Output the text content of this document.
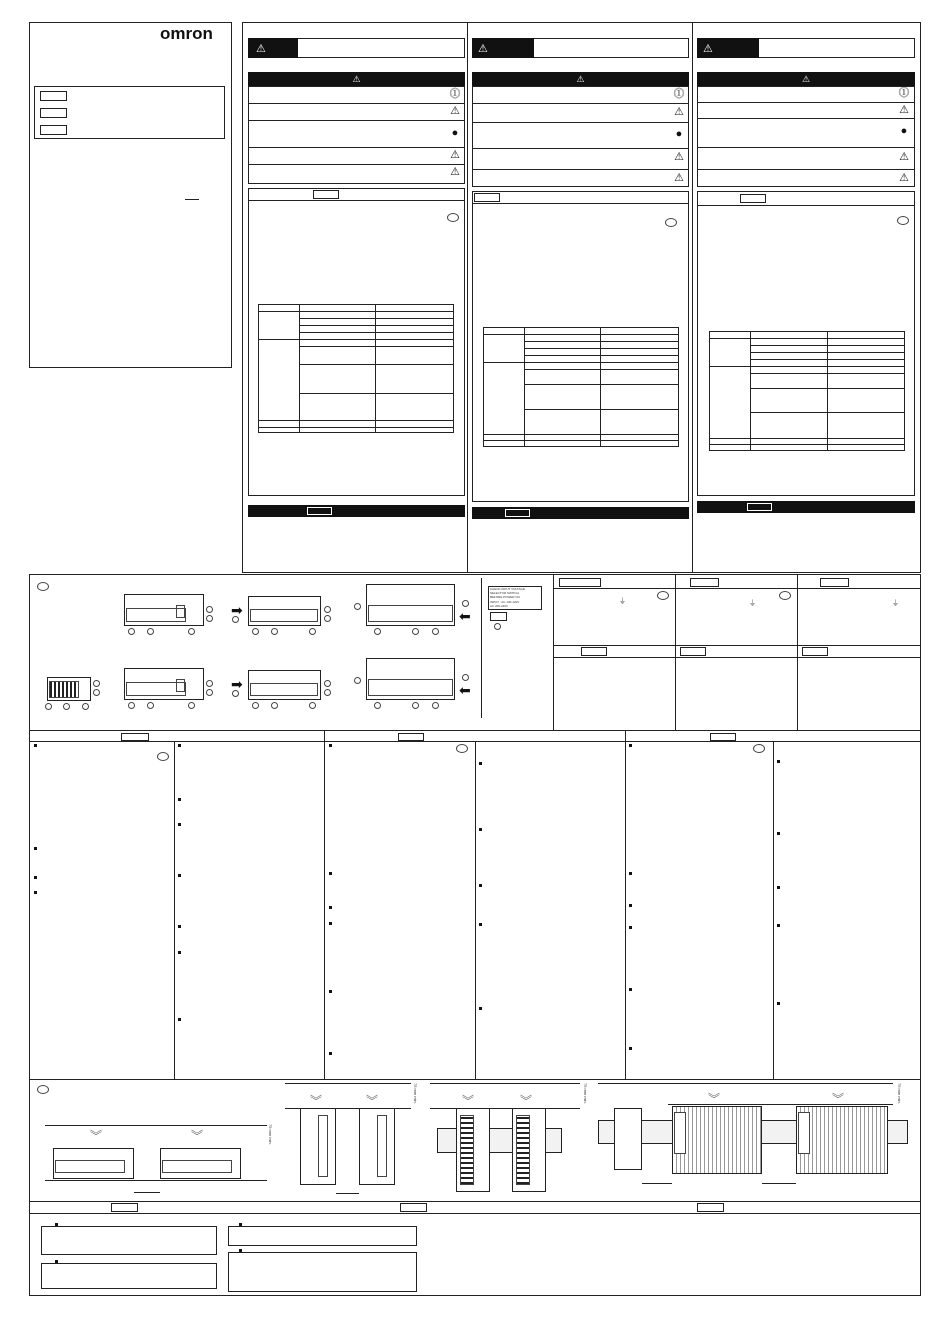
omron
⚠
⚠
⓵
⚠
●
⚠
⚠
⚠
⚠
⓵
⚠
●
⚠
⚠
⚠
⚠
⓵
⚠
●
⚠
⚠
➡	⬅
➡	⬅
CHECK INPUT VOLTAGE
SELECTOR SWITCH
BEFORE POWER ON
INPUT : AC 100-120V
AC 200-240V
⏚	⏚	⏚
︾	︾	75 mm min.
75 mm min.
︾	︾	75 mm min.
︾	︾	75 mm min.
︾	︾
